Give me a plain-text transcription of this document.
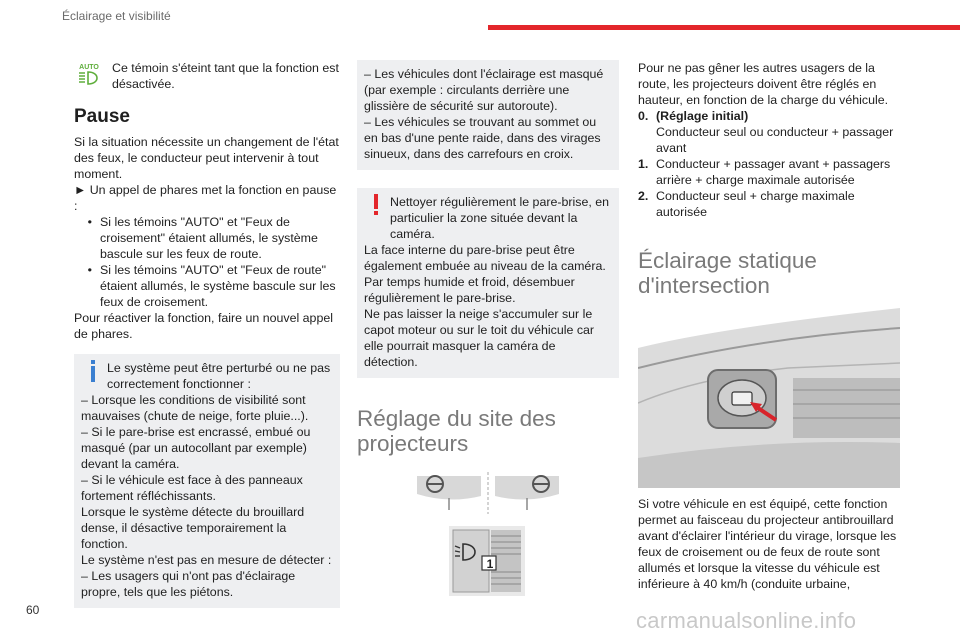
Éclairage et visibilité
AUTO	Ce témoin s'éteint tant que la fonction est désactivée.

Pause

Si la situation nécessite un changement de l'état des feux, le conducteur peut intervenir à tout moment.

► Un appel de phares met la fonction en pause :

• Si les témoins "AUTO" et "Feux de croisement" étaient allumés, le système bascule sur les feux de route.
• Si les témoins "AUTO" et "Feux de route" étaient allumés, le système bascule sur les feux de croisement.

Pour réactiver la fonction, faire un nouvel appel de phares.

Le système peut être perturbé ou ne pas correctement fonctionner :

– Lorsque les conditions de visibilité sont mauvaises (chute de neige, forte pluie...).

– Si le pare-brise est encrassé, embué ou masqué (par un autocollant par exemple) devant la caméra.

– Si le véhicule est face à des panneaux fortement réfléchissants.

Lorsque le système détecte du brouillard dense, il désactive temporairement la fonction.

Le système n'est pas en mesure de détecter :

– Les usagers qui n'ont pas d'éclairage propre, tels que les piétons.

– Les véhicules dont l'éclairage est masqué (par exemple : circulants derrière une glissière de sécurité sur autoroute).

– Les véhicules se trouvant au sommet ou en bas d'une pente raide, dans des virages sinueux, dans des carrefours en croix.

Nettoyer régulièrement le pare-brise, en particulier la zone située devant la caméra.

La face interne du pare-brise peut être également embuée au niveau de la caméra. Par temps humide et froid, désembuer régulièrement le pare-brise.

Ne pas laisser la neige s'accumuler sur le capot moteur ou sur le toit du véhicule car elle pourrait masquer la caméra de détection.

Réglage du site des projecteurs
1

Pour ne pas gêner les autres usagers de la route, les projecteurs doivent être réglés en hauteur, en fonction de la charge du véhicule.

0. (Réglage initial)
Conducteur seul ou conducteur + passager avant
1. Conducteur + passager avant + passagers arrière + charge maximale autorisée
2. Conducteur seul + charge maximale autorisée
Éclairage statique d'intersection

Si votre véhicule en est équipé, cette fonction permet au faisceau du projecteur antibrouillard avant d'éclairer l'intérieur du virage, lorsque les feux de croisement ou de feux de route sont allumés et lorsque la vitesse du véhicule est inférieure à 40 km/h (conduite urbaine,

60	carmanualsonline.info
